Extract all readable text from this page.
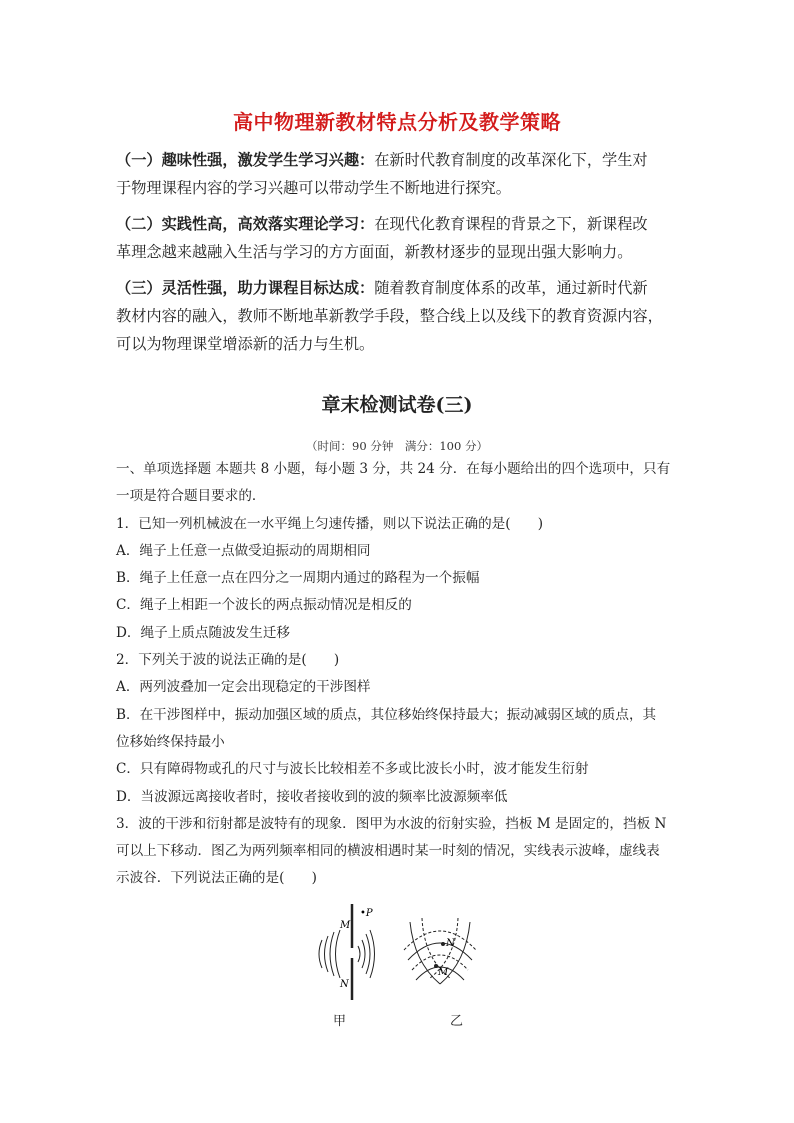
高中物理新教材特点分析及教学策略

（一）趣味性强，激发学生学习兴趣：在新时代教育制度的改革深化下，学生对
于物理课程内容的学习兴趣可以带动学生不断地进行探究。

（二）实践性高，高效落实理论学习：在现代化教育课程的背景之下，新课程改
革理念越来越融入生活与学习的方方面面，新教材逐步的显现出强大影响力。

（三）灵活性强，助力课程目标达成：随着教育制度体系的改革，通过新时代新
教材内容的融入，教师不断地革新教学手段，整合线上以及线下的教育资源内容，
可以为物理课堂增添新的活力与生机。

章末检测试卷(三)
（时间：90 分钟　满分：100 分）
一、单项选择题 本题共 8 小题，每小题 3 分，共 24 分．在每小题给出的四个选项中，只有
一项是符合题目要求的．
1．已知一列机械波在一水平绳上匀速传播，则以下说法正确的是(　　)
A．绳子上任意一点做受迫振动的周期相同
B．绳子上任意一点在四分之一周期内通过的路程为一个振幅
C．绳子上相距一个波长的两点振动情况是相反的
D．绳子上质点随波发生迁移
2．下列关于波的说法正确的是(　　)
A．两列波叠加一定会出现稳定的干涉图样
B．在干涉图样中，振动加强区域的质点，其位移始终保持最大；振动减弱区域的质点，其
位移始终保持最小
C．只有障碍物或孔的尺寸与波长比较相差不多或比波长小时，波才能发生衍射
D．当波源远离接收者时，接收者接收到的波的频率比波源频率低
3．波的干涉和衍射都是波特有的现象．图甲为水波的衍射实验，挡板 M 是固定的，挡板 N
可以上下移动．图乙为两列频率相同的横波相遇时某一时刻的情况，实线表示波峰，虚线表
示波谷．下列说法正确的是(　　)
M
N
•P
N
M
甲	乙
